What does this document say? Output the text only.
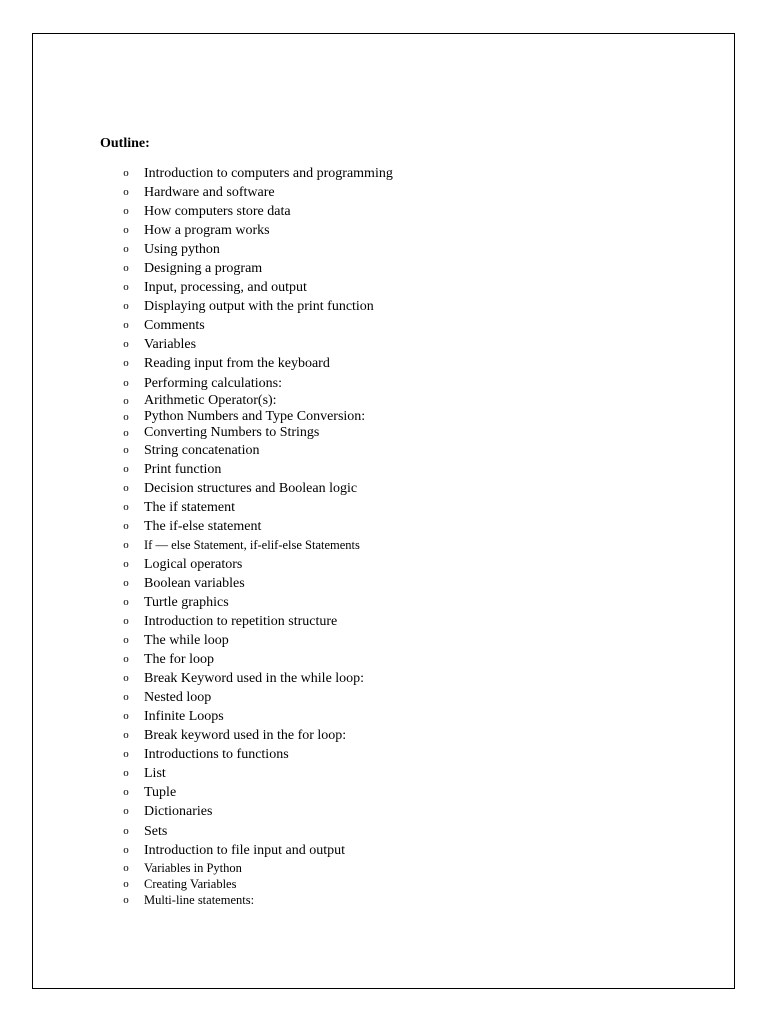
Outline:
o	Introduction to computers and programming
o	Hardware and software
o	How computers store data
o	How a program works
o	Using python
o	Designing a program
o	Input, processing, and output
o	Displaying output with the print function
o	Comments
o	Variables
o	Reading input from the keyboard
o	Performing calculations:
o	Arithmetic Operator(s):
o	Python Numbers and Type Conversion:
o	Converting Numbers to Strings
o	String concatenation
o	Print function
o	Decision structures and Boolean logic
o	The if statement
o	The if-else statement
o	If — else Statement, if-elif-else Statements
o	Logical operators
o	Boolean variables
o	Turtle graphics
o	Introduction to repetition structure
o	The while loop
o	The for loop
o	Break Keyword used in the while loop:
o	Nested loop
o	Infinite Loops
o	Break keyword used in the for loop:
o	Introductions to functions
o	List
o	Tuple
o	Dictionaries
o	Sets
o	Introduction to file input and output
o	Variables in Python
o	Creating Variables
o	Multi-line statements:
